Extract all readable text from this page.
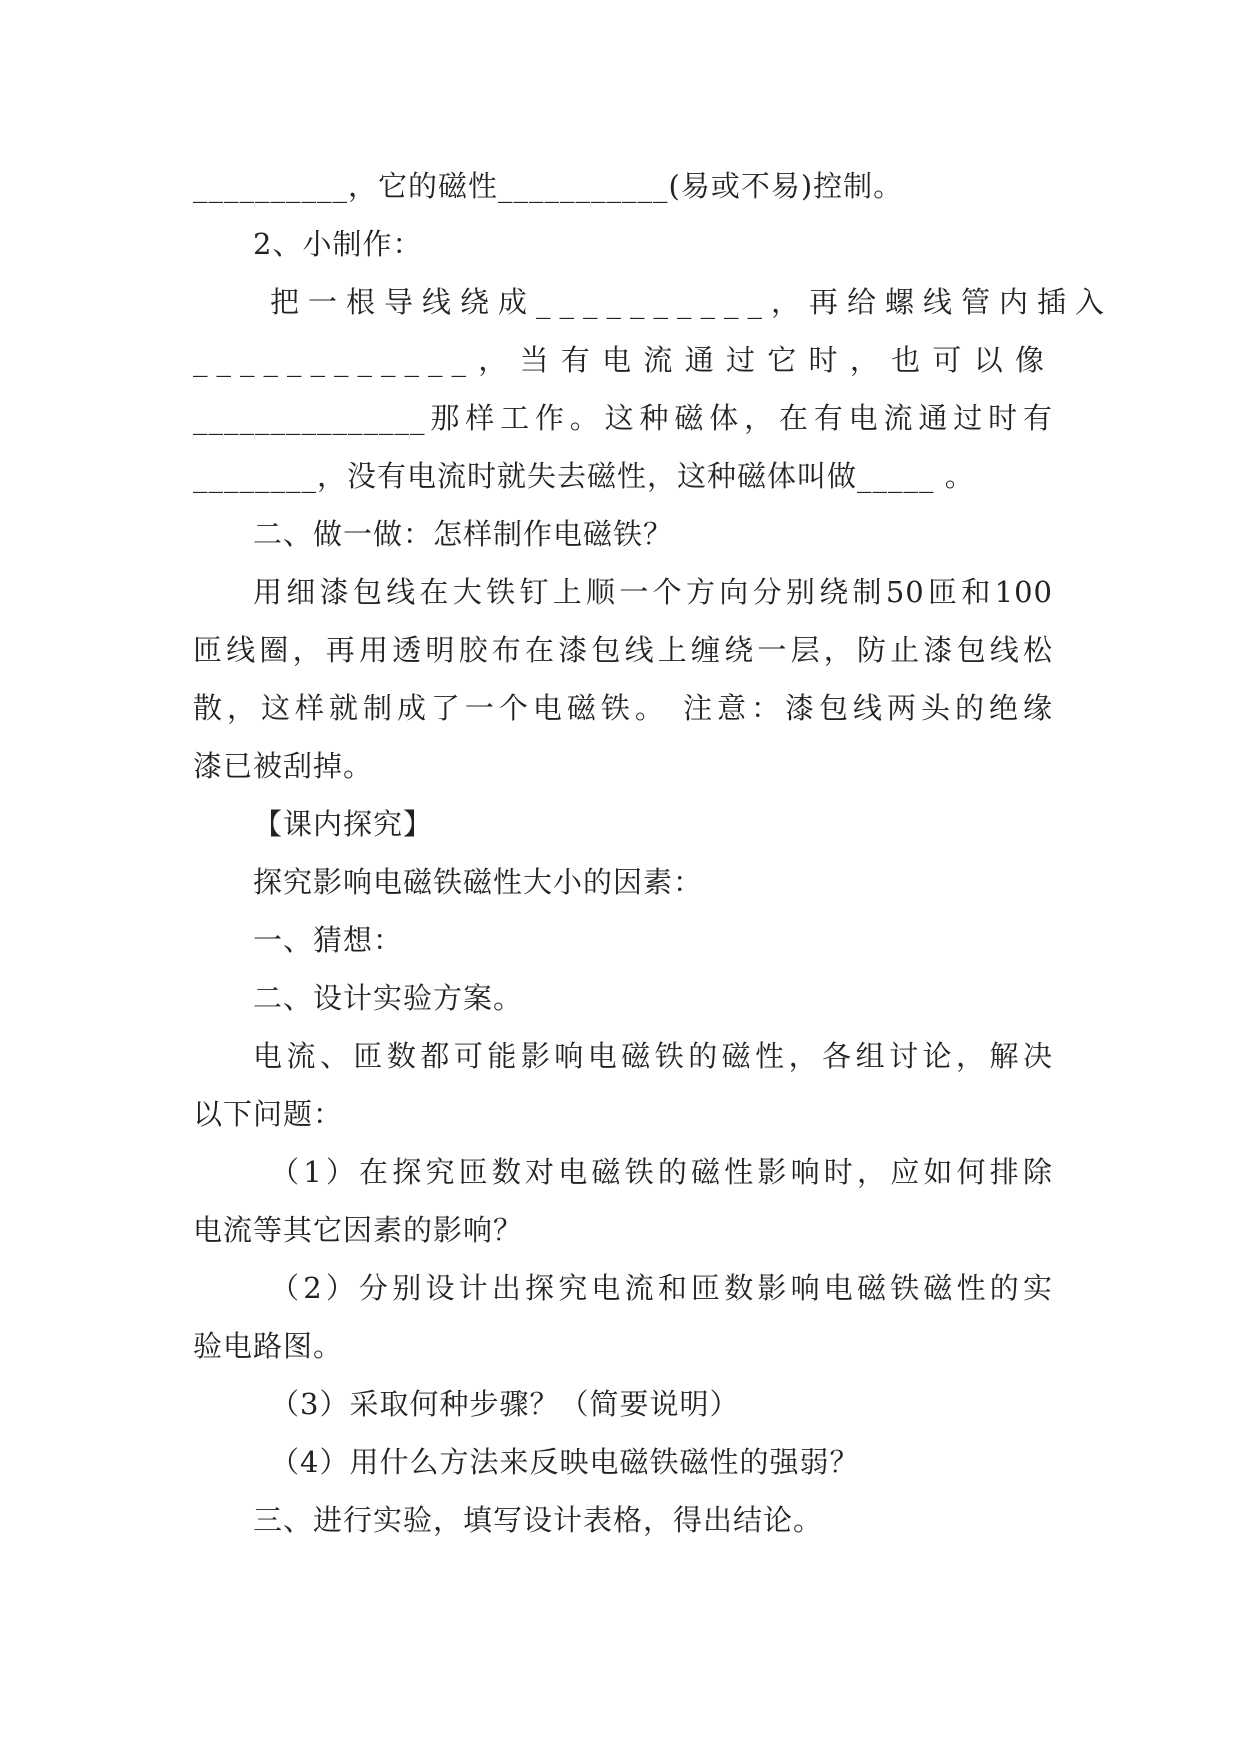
__________，它的磁性___________(易或不易)控制。
2、小制作：
把一根导线绕成__________，再给螺线管内插入
____________，当有电流通过它时，也可以像
_______________那样工作。这种磁体，在有电流通过时有
________，没有电流时就失去磁性，这种磁体叫做_____ 。
二、做一做：怎样制作电磁铁？
用细漆包线在大铁钉上顺一个方向分别绕制50匝和100
匝线圈，再用透明胶布在漆包线上缠绕一层，防止漆包线松
散，这样就制成了一个电磁铁。 注意：漆包线两头的绝缘
漆已被刮掉。
【课内探究】
探究影响电磁铁磁性大小的因素：
一、猜想：
二、设计实验方案。
电流、匝数都可能影响电磁铁的磁性，各组讨论，解决
以下问题：
（1）在探究匝数对电磁铁的磁性影响时，应如何排除
电流等其它因素的影响？
（2）分别设计出探究电流和匝数影响电磁铁磁性的实
验电路图。
（3）采取何种步骤？（简要说明）
（4）用什么方法来反映电磁铁磁性的强弱？
三、进行实验，填写设计表格，得出结论。
